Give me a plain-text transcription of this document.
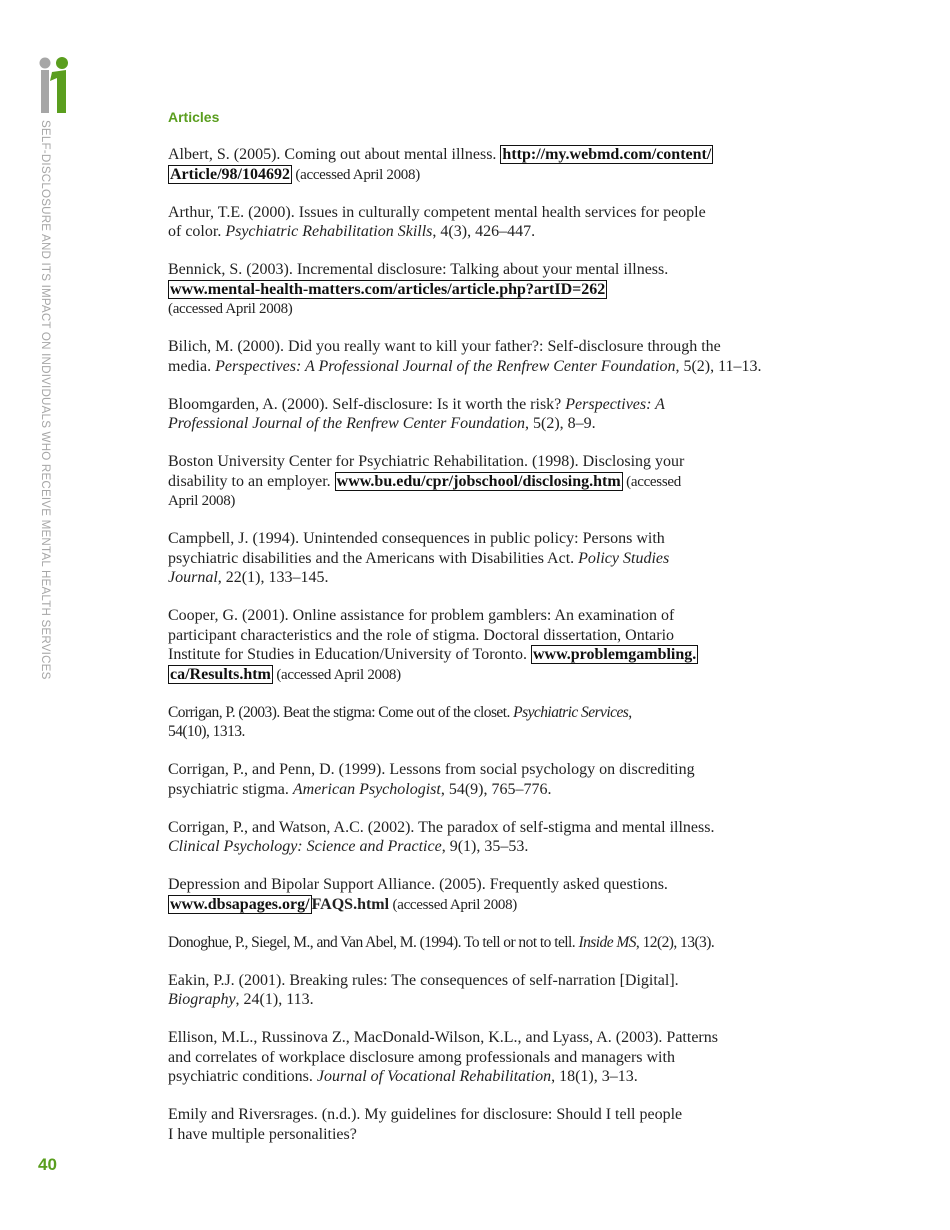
SELF-DISCLOSURE AND ITS IMPACT ON INDIVIDUALS WHO RECEIVE MENTAL HEALTH SERVICES
Articles
Albert, S. (2005). Coming out about mental illness. http://my.webmd.com/content/
Article/98/104692 (accessed April 2008)
Arthur, T.E. (2000). Issues in culturally competent mental health services for people
of color. Psychiatric Rehabilitation Skills, 4(3), 426–447.
Bennick, S. (2003). Incremental disclosure: Talking about your mental illness.
www.mental-health-matters.com/articles/article.php?artID=262
(accessed April 2008)
Bilich, M. (2000). Did you really want to kill your father?: Self-disclosure through the
media. Perspectives: A Professional Journal of the Renfrew Center Foundation, 5(2), 11–13.
Bloomgarden, A. (2000). Self-disclosure: Is it worth the risk? Perspectives: A
Professional Journal of the Renfrew Center Foundation, 5(2), 8–9.
Boston University Center for Psychiatric Rehabilitation. (1998). Disclosing your
disability to an employer. www.bu.edu/cpr/jobschool/disclosing.htm (accessed
April 2008)
Campbell, J. (1994). Unintended consequences in public policy: Persons with
psychiatric disabilities and the Americans with Disabilities Act. Policy Studies
Journal, 22(1), 133–145.
Cooper, G. (2001). Online assistance for problem gamblers: An examination of
participant characteristics and the role of stigma. Doctoral dissertation, Ontario
Institute for Studies in Education/University of Toronto. www.problemgambling.
ca/Results.htm (accessed April 2008)
Corrigan, P. (2003). Beat the stigma: Come out of the closet. Psychiatric Services,
54(10), 1313.
Corrigan, P., and Penn, D. (1999). Lessons from social psychology on discrediting
psychiatric stigma. American Psychologist, 54(9), 765–776.
Corrigan, P., and Watson, A.C. (2002). The paradox of self-stigma and mental illness.
Clinical Psychology: Science and Practice, 9(1), 35–53.
Depression and Bipolar Support Alliance. (2005). Frequently asked questions.
www.dbsapages.org/ FAQS.html (accessed April 2008)
Donoghue, P., Siegel, M., and Van Abel, M. (1994). To tell or not to tell. Inside MS, 12(2), 13(3).
Eakin, P.J. (2001). Breaking rules: The consequences of self-narration [Digital].
Biography, 24(1), 113.
Ellison, M.L., Russinova Z., MacDonald-Wilson, K.L., and Lyass, A. (2003). Patterns
and correlates of workplace disclosure among professionals and managers with
psychiatric conditions. Journal of Vocational Rehabilitation, 18(1), 3–13.
Emily and Riversrages. (n.d.). My guidelines for disclosure: Should I tell people
I have multiple personalities?
40
